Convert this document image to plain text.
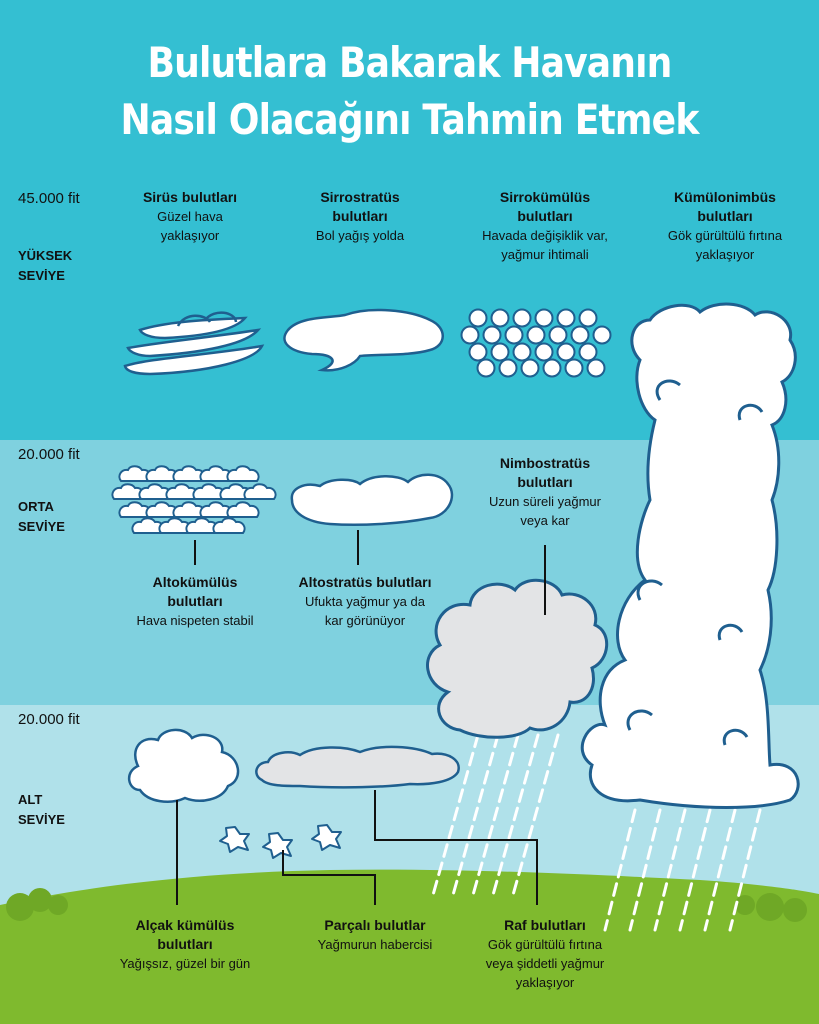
Bulutlara Bakarak Havanın
Nasıl Olacağını Tahmin Etmek
45.000 fit
YÜKSEK
SEVİYE
20.000 fit
ORTA
SEVİYE
20.000 fit
ALT
SEVİYE
Sirüs bulutları
Güzel hava
yaklaşıyor
Sirrostratüs
bulutları
Bol yağış yolda
Sirrokümülüs
bulutları
Havada değişiklik var,
yağmur ihtimali
Kümülonimbüs
bulutları
Gök gürültülü fırtına
yaklaşıyor
Nimbostratüs
bulutları
Uzun süreli yağmur
veya kar
Altokümülüs
bulutları
Hava nispeten stabil
Altostratüs bulutları
Ufukta yağmur ya da
kar görünüyor
Alçak kümülüs
bulutları
Yağışsız, güzel bir gün
Parçalı bulutlar
Yağmurun habercisi
Raf bulutları
Gök gürültülü fırtına
veya şiddetli yağmur
yaklaşıyor
